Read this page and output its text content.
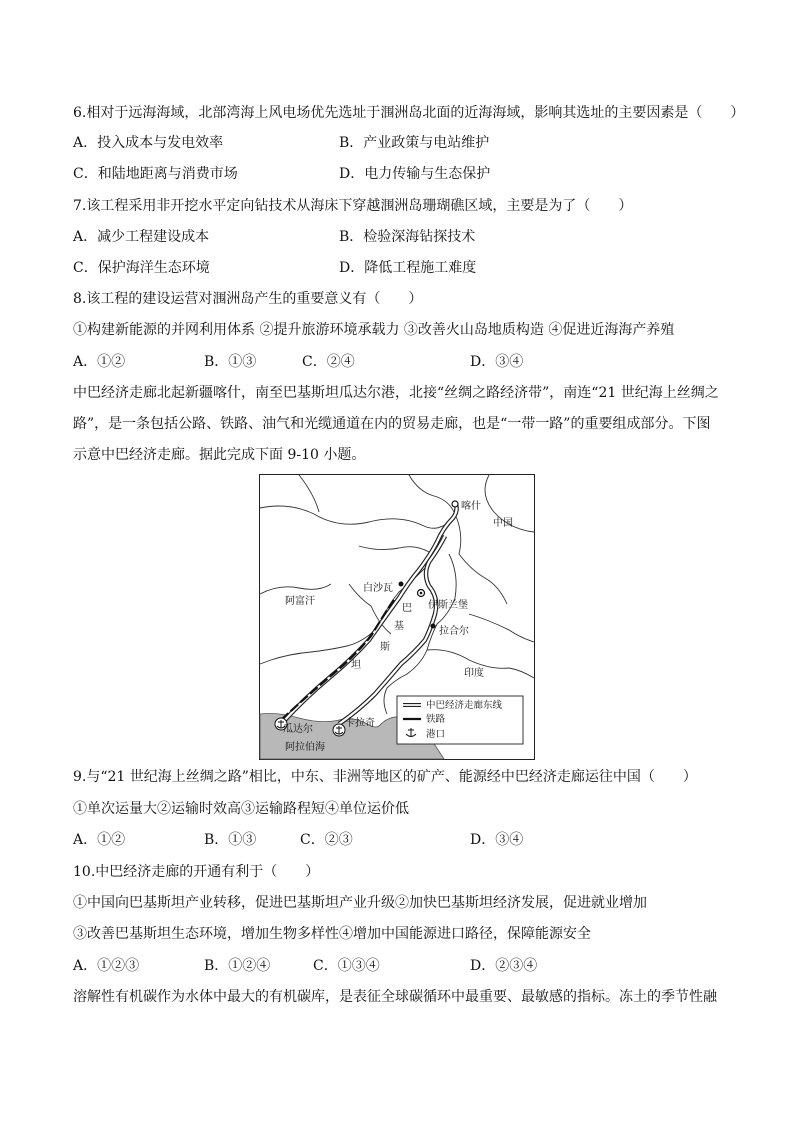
6.相对于远海海域，北部湾海上风电场优先选址于涠洲岛北面的近海海域，影响其选址的主要因素是（　　）
A．投入成本与发电效率	B．产业政策与电站维护
C．和陆地距离与消费市场	D．电力传输与生态保护
7.该工程采用非开挖水平定向钻技术从海床下穿越涠洲岛珊瑚礁区域，主要是为了（　　）
A．减少工程建设成本	B．检验深海钻探技术
C．保护海洋生态环境	D．降低工程施工难度
8.该工程的建设运营对涠洲岛产生的重要意义有（　　）
①构建新能源的并网利用体系 ②提升旅游环境承载力 ③改善火山岛地质构造 ④促进近海海产养殖
A．①②	B．①③	C．②④	D．③④
中巴经济走廊北起新疆喀什，南至巴基斯坦瓜达尔港，北接“丝绸之路经济带”，南连“21 世纪海上丝绸之
路”，是一条包括公路、铁路、油气和光缆通道在内的贸易走廊，也是“一带一路”的重要组成部分。下图
示意中巴经济走廊。据此完成下面 9-10 小题。
喀什
中国
阿富汗
白沙瓦
伊斯兰堡
拉合尔
巴
基
斯
坦
印度
瓜达尔
卡拉奇
阿拉伯海
中巴经济走廊东线
铁路
港口
9.与“21 世纪海上丝绸之路”相比，中东、非洲等地区的矿产、能源经中巴经济走廊运往中国（　　）
①单次运量大②运输时效高③运输路程短④单位运价低
A．①②	B．①③	C．②③	D．③④
10.中巴经济走廊的开通有利于（　　）
①中国向巴基斯坦产业转移，促进巴基斯坦产业升级②加快巴基斯坦经济发展，促进就业增加
③改善巴基斯坦生态环境，增加生物多样性④增加中国能源进口路径，保障能源安全
A．①②③	B．①②④	C．①③④	D．②③④
溶解性有机碳作为水体中最大的有机碳库，是表征全球碳循环中最重要、最敏感的指标。冻土的季节性融
